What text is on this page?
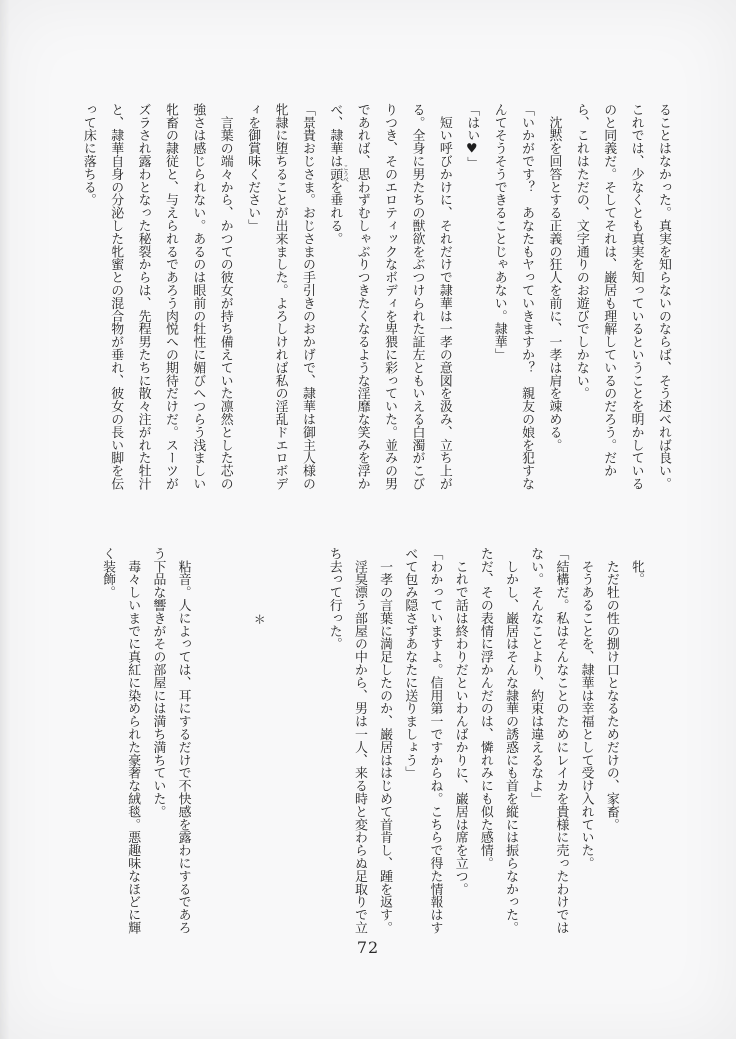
ることはなかった。真実を知らないのならば、そう述べれば良い。
これでは、少なくとも真実を知っているということを明かしている
のと同義だ。そしてそれは、巌居も理解しているのだろう。だか
ら、これはただの、文字通りのお遊びでしかない。
　沈黙を回答とする正義の狂人を前に、一孝は肩を竦める。
「いかがです？　あなたもヤっていきますか？　親友の娘を犯すな
んてそうそうできることじゃあない。隷華」
「はい♥」
　短い呼びかけに、それだけで隷華は一孝の意図を汲み、立ち上が
る。全身に男たちの獣欲をぶつけられた証左ともいえる白濁がこび
りつき、そのエロティックなボディを卑猥に彩っていた。並みの男
であれば、思わずむしゃぶりつきたくなるような淫靡な笑みを浮か
べ、隷華は頭 こうべを垂れる。
「景貴おじさま。おじさまの手引きのおかげで、隷華は御主人様の
牝隷に堕ちることが出来ました。よろしければ私の淫乱ドエロボデ
ィを御賞味ください」
　言葉の端々から、かつての彼女が持ち備えていた凛然とした芯の
強さは感じられない。あるのは眼前の牡性に媚びへつらう浅ましい
牝畜の隷従と、与えられるであろう肉悦への期待だけだ。スーツが
ズラされ露わとなった秘裂からは、先程男たちに散々注がれた牡汁
と、隷華自身の分泌した牝蜜との混合物が垂れ、彼女の長い脚を伝
って床に落ちる。
　牝。
　ただ牡の性の捌け口となるためだけの、家畜。
　そうあることを、隷華は幸福として受け入れていた。
「結構だ。私はそんなことのためにレイカを貴様に売ったわけでは
ない。そんなことより、約束は違えるなよ」
　しかし、巌居はそんな隷華の誘惑にも首を縦には振らなかった。
ただ、その表情に浮かんだのは、憐れみにも似た感情。
　これで話は終わりだといわんばかりに、巌居は席を立つ。
「わかっていますよ。信用第一ですからね。こちらで得た情報はす
べて包み隠さずあなたに送りましょう」
　一孝の言葉に満足したのか、巌居ははじめて首肯し、踵を返す。
　淫臭漂う部屋の中から、男は一人、来る時と変わらぬ足取りで立
ち去って行った。
＊
　粘音。人によっては、耳にするだけで不快感を露わにするであろ
う下品な響きがその部屋には満ち満ちていた。
　毒々しいまでに真紅に染められた豪奢な絨毯。悪趣味なほどに輝
く装飾。
72
